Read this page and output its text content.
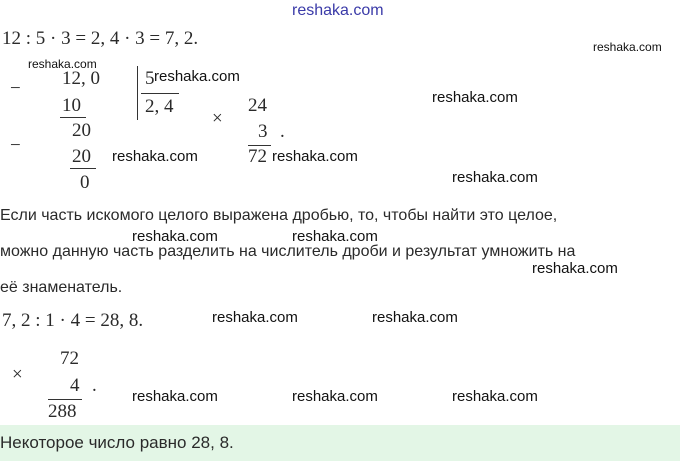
reshaka.com
reshaka.com
reshaka.com
reshaka.com
reshaka.com
reshaka.com	reshaka.com
reshaka.com
reshaka.com	reshaka.com
reshaka.com
reshaka.com	reshaka.com
reshaka.com	reshaka.com	reshaka.com
12 : 5 · 3 = 2, 4 · 3 = 7, 2.
− 12, 0
10
20
−
20
0
5
2, 4
×
24
3
72
.
Если часть искомого целого выражена дробью, то, чтобы найти это целое,
можно данную часть разделить на числитель дроби и результат умножить на
её знаменатель.
7, 2 : 1 · 4 = 28, 8.
×
72
4
288
.
Некоторое число равно 28, 8.
